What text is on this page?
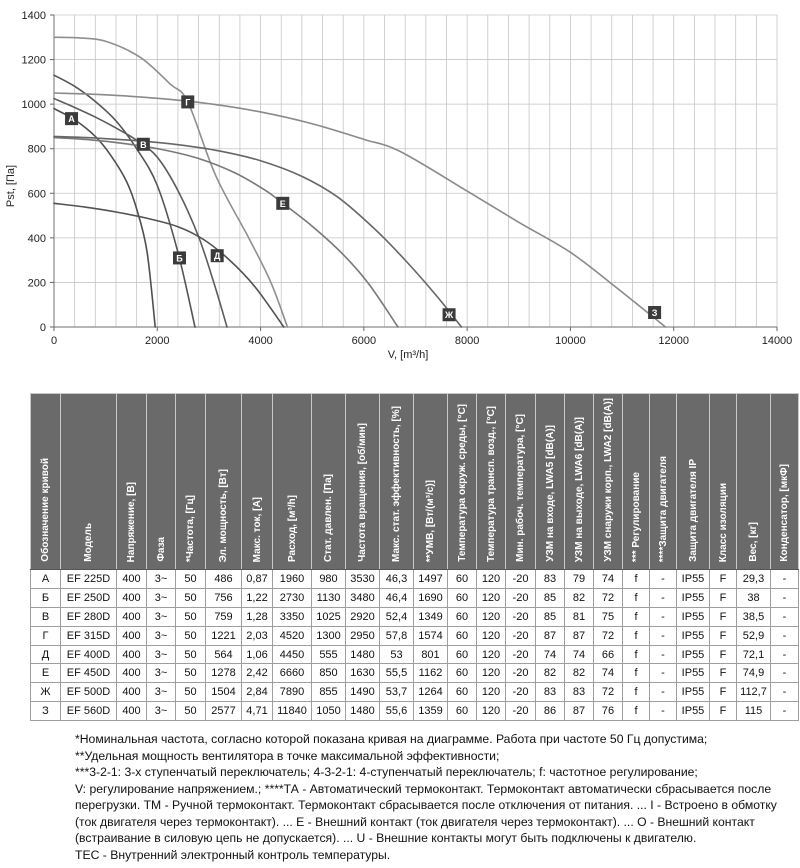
А
Б
В
Г
Д
Е
Ж	З
0	2000	4000	6000	8000	10000	12000	14000
0
200
400
600
800
1000
1200
1400
Pst, [Па]
V, [m³/h]
Обозначение кривой	Модель	Напряжение, [В]	Фаза	*Частота, [Гц]	Эл. мощность, [Вт]	Макс. ток, [А]	Расход, [м³/h]	Стат. давлен. [Па]	Частота вращения, [об/мин]	Макс. стат. эффективность, [%]	**УМВ, [Вт/(м³/с)]	Температура окруж. среды, [°C]	Температура трансп. возд., [°C]	Мин. рабоч. температура, [°C]	УЗМ на входе, LWA5 [dB(A)]	УЗМ на выходе, LWA6 [dB(A)]	УЗМ снаружи корп., LWA2 [dB(A)]	*** Регулирование	****Защита двигателя	Защита двигателя IP	Класс изоляции	Вес, [кг]	Конденсатор, [мкФ]

А	EF 225D	400	3~	50	486	0,87	1960	980	3530	46,3	1497	60	120	-20	83	79	74	f	-	IP55	F	29,3	-
Б	EF 250D	400	3~	50	756	1,22	2730	1130	3480	46,4	1690	60	120	-20	85	82	72	f	-	IP55	F	38	-
В	EF 280D	400	3~	50	759	1,28	3350	1025	2920	52,4	1349	60	120	-20	85	81	75	f	-	IP55	F	38,5	-
Г	EF 315D	400	3~	50	1221	2,03	4520	1300	2950	57,8	1574	60	120	-20	87	87	72	f	-	IP55	F	52,9	-
Д	EF 400D	400	3~	50	564	1,06	4450	555	1480	53	801	60	120	-20	74	74	66	f	-	IP55	F	72,1	-
Е	EF 450D	400	3~	50	1278	2,42	6660	850	1630	55,5	1162	60	120	-20	82	82	74	f	-	IP55	F	74,9	-
Ж	EF 500D	400	3~	50	1504	2,84	7890	855	1490	53,7	1264	60	120	-20	83	83	72	f	-	IP55	F	112,7	-
З	EF 560D	400	3~	50	2577	4,71	11840	1050	1480	55,6	1359	60	120	-20	86	87	76	f	-	IP55	F	115	-
*Номинальная частота, согласно которой показана кривая на диаграмме. Работа при частоте 50 Гц допустима;
**Удельная мощность вентилятора в точке максимальной эффективности;
***3-2-1: 3-х ступенчатый переключатель; 4-3-2-1: 4-ступенчатый переключатель; f: частотное регулирование;
V: регулирование напряжением.; ****ТА - Автоматический термоконтакт. Термоконтакт автоматически сбрасывается после
перегрузки. ТМ - Ручной термоконтакт. Термоконтакт сбрасывается после отключения от питания. ... I - Встроено в обмотку
(ток двигателя через термоконтакт). ... Е - Внешний контакт (ток двигателя через термоконтакт). ... О - Внешний контакт
(встраивание в силовую цепь не допускается). ... U - Внешние контакты могут быть подключены к двигателю.
ТЕС - Внутренний электронный контроль температуры.
